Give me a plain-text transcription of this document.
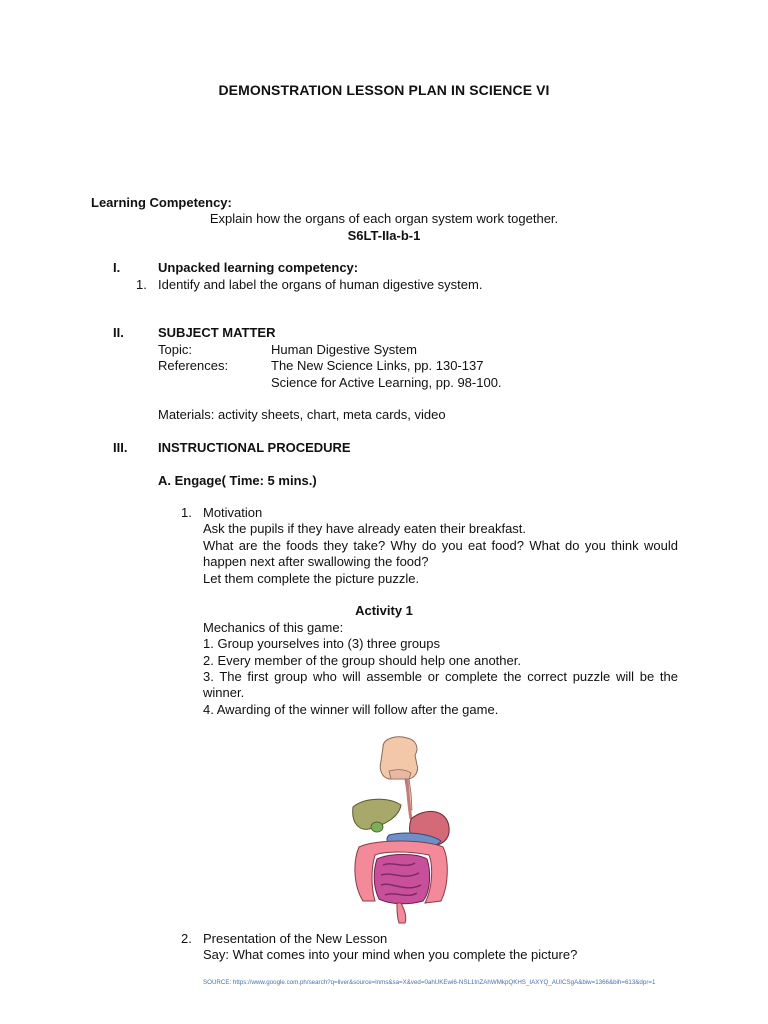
DEMONSTRATION LESSON PLAN IN SCIENCE VI
Learning Competency:
Explain how the organs of each organ system work together.
S6LT-IIa-b-1
I.	Unpacked learning competency:
1. Identify and label the organs of human digestive system.
II.	SUBJECT MATTER
Topic:	Human Digestive System
References:	The New Science Links, pp. 130-137
Science for Active Learning, pp. 98-100.
Materials: activity sheets, chart, meta cards, video
III. INSTRUCTIONAL PROCEDURE
A. Engage( Time: 5 mins.)
1. Motivation
Ask the pupils if they have already eaten their breakfast.
What are the foods they take? Why do you eat food? What do you think would happen next after swallowing the food?
Let them complete the picture puzzle.
Activity 1
Mechanics of this game:
1. Group yourselves into (3) three groups
2. Every member of the group should help one another.
3. The first group who will assemble or complete the correct puzzle will be the winner.
4. Awarding of the winner will follow after the game.
2. Presentation of the New Lesson
Say: What comes into your mind when you complete the picture?
SOURCE: https://www.google.com.ph/search?q=liver&source=lnms&sa=X&ved=0ahUKEwi6-NSL1tnZAhWMkpQKHS_IAXYQ_AUICSgA&biw=1366&bih=613&dpr=1
